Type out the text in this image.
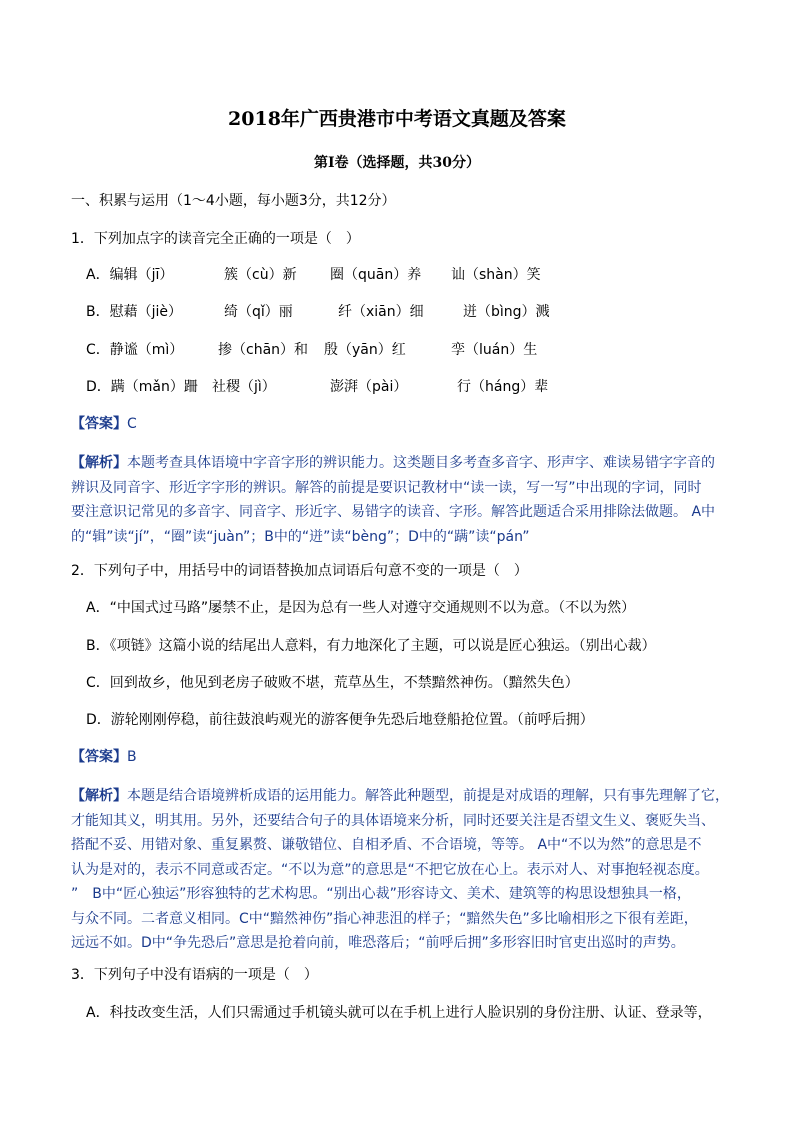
2018年广西贵港市中考语文真题及答案
第Ⅰ卷（选择题，共30分）
一、积累与运用（1～4小题，每小题3分，共12分）
1．下列加点字的读音完全正确的一项是（　）
A．编辑（jī）	簇（cù）新 圈（quān）养 讪（shàn）笑
B．慰藉（jiè）	绮（qǐ）丽	纤（xiān）细	迸（bìng）溅
C．静谧（mì） 掺（chān）和 殷（yān）红	孪（luán）生
D．蹒（mǎn）跚 社稷（jì）	澎湃（pài）	行（háng）辈
【答案】C

【解析】本题考查具体语境中字音字形的辨识能力。这类题目多考查多音字、形声字、难读易错字字音的

辨识及同音字、形近字字形的辨识。解答的前提是要识记教材中“读一读，写一写”中出现的字词，同时

要注意识记常见的多音字、同音字、形近字、易错字的读音、字形。解答此题适合采用排除法做题。 A中

的“辑”读“jí”，“圈”读“juàn”；B中的“迸”读“bèng”；D中的“蹒”读“pán”

2．下列句子中，用括号中的词语替换加点词语后句意不变的一项是（　）
A．“中国式过马路”屡禁不止，是因为总有一些人对遵守交通规则不以为意。（不以为然）
B．《项链》这篇小说的结尾出人意料，有力地深化了主题，可以说是匠心独运。（别出心裁）
C．回到故乡，他见到老房子破败不堪，荒草丛生，不禁黯然神伤。（黯然失色）
D．游轮刚刚停稳，前往鼓浪屿观光的游客便争先恐后地登船抢位置。（前呼后拥）
【答案】B

【解析】本题是结合语境辨析成语的运用能力。解答此种题型，前提是对成语的理解，只有事先理解了它，

才能知其义，明其用。另外，还要结合句子的具体语境来分析，同时还要关注是否望文生义、褒贬失当、

搭配不妥、用错对象、重复累赘、谦敬错位、自相矛盾、不合语境，等等。 A中“不以为然”的意思是不

认为是对的，表示不同意或否定。“不以为意”的意思是“不把它放在心上。表示对人、对事抱轻视态度。

”　B中“匠心独运”形容独特的艺术构思。“别出心裁”形容诗文、美术、建筑等的构思设想独具一格，

与众不同。二者意义相同。C中“黯然神伤”指心神悲沮的样子；“黯然失色”多比喻相形之下很有差距，

远远不如。D中“争先恐后”意思是抢着向前，唯恐落后；“前呼后拥”多形容旧时官吏出巡时的声势。

3．下列句子中没有语病的一项是（　）
A．科技改变生活，人们只需通过手机镜头就可以在手机上进行人脸识别的身份注册、认证、登录等，
